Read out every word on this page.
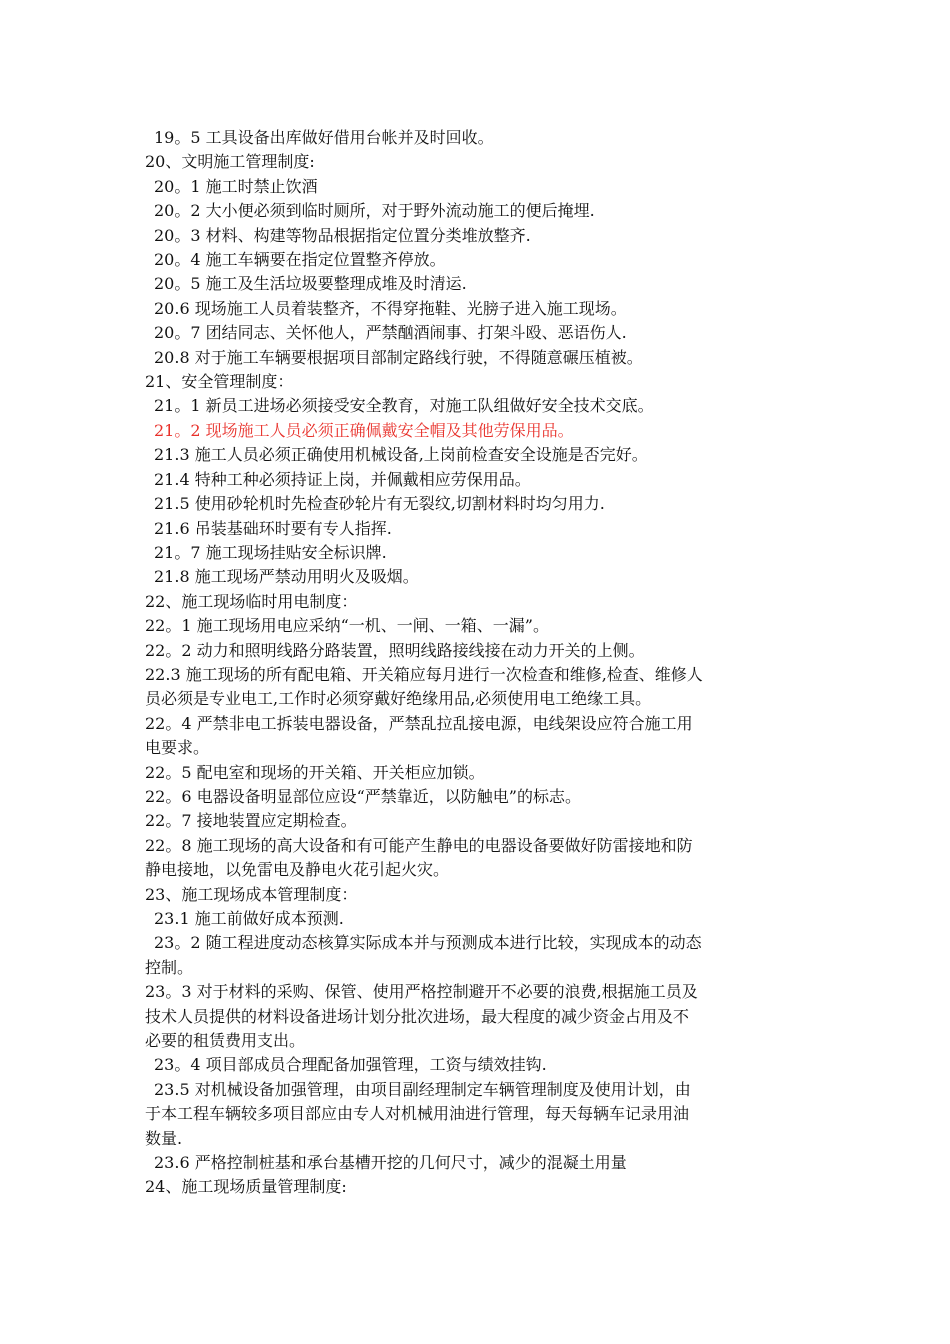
19。5 工具设备出库做好借用台帐并及时回收。
20、文明施工管理制度:
20。1 施工时禁止饮酒
20。2 大小便必须到临时厕所，对于野外流动施工的便后掩埋.
20。3 材料、构建等物品根据指定位置分类堆放整齐.
20。4 施工车辆要在指定位置整齐停放。
20。5 施工及生活垃圾要整理成堆及时清运.
20.6 现场施工人员着装整齐，不得穿拖鞋、光膀子进入施工现场。
20。7 团结同志、关怀他人，严禁酗酒闹事、打架斗殴、恶语伤人.
20.8 对于施工车辆要根据项目部制定路线行驶，不得随意碾压植被。
21、安全管理制度：
21。1 新员工进场必须接受安全教育，对施工队组做好安全技术交底。
21。2 现场施工人员必须正确佩戴安全帽及其他劳保用品。
21.3 施工人员必须正确使用机械设备,上岗前检查安全设施是否完好。
21.4 特种工种必须持证上岗，并佩戴相应劳保用品。
21.5 使用砂轮机时先检查砂轮片有无裂纹,切割材料时均匀用力.
21.6 吊装基础环时要有专人指挥.
21。7 施工现场挂贴安全标识牌.
21.8 施工现场严禁动用明火及吸烟。
22、施工现场临时用电制度：
22。1 施工现场用电应采纳“一机、一闸、一箱、一漏”。
22。2 动力和照明线路分路装置，照明线路接线接在动力开关的上侧。
22.3 施工现场的所有配电箱、开关箱应每月进行一次检查和维修,检查、维修人
员必须是专业电工,工作时必须穿戴好绝缘用品,必须使用电工绝缘工具。
22。4 严禁非电工拆装电器设备，严禁乱拉乱接电源，电线架设应符合施工用
电要求。
22。5 配电室和现场的开关箱、开关柜应加锁。
22。6 电器设备明显部位应设“严禁靠近，以防触电”的标志。
22。7 接地装置应定期检查。
22。8 施工现场的高大设备和有可能产生静电的电器设备要做好防雷接地和防
静电接地，以免雷电及静电火花引起火灾。
23、施工现场成本管理制度：
23.1 施工前做好成本预测.
23。2 随工程进度动态核算实际成本并与预测成本进行比较，实现成本的动态
控制。
23。3 对于材料的采购、保管、使用严格控制避开不必要的浪费,根据施工员及
技术人员提供的材料设备进场计划分批次进场，最大程度的减少资金占用及不
必要的租赁费用支出。
23。4 项目部成员合理配备加强管理，工资与绩效挂钩.
23.5 对机械设备加强管理，由项目副经理制定车辆管理制度及使用计划，由
于本工程车辆较多项目部应由专人对机械用油进行管理，每天每辆车记录用油
数量.
23.6 严格控制桩基和承台基槽开挖的几何尺寸，减少的混凝土用量
24、施工现场质量管理制度:
